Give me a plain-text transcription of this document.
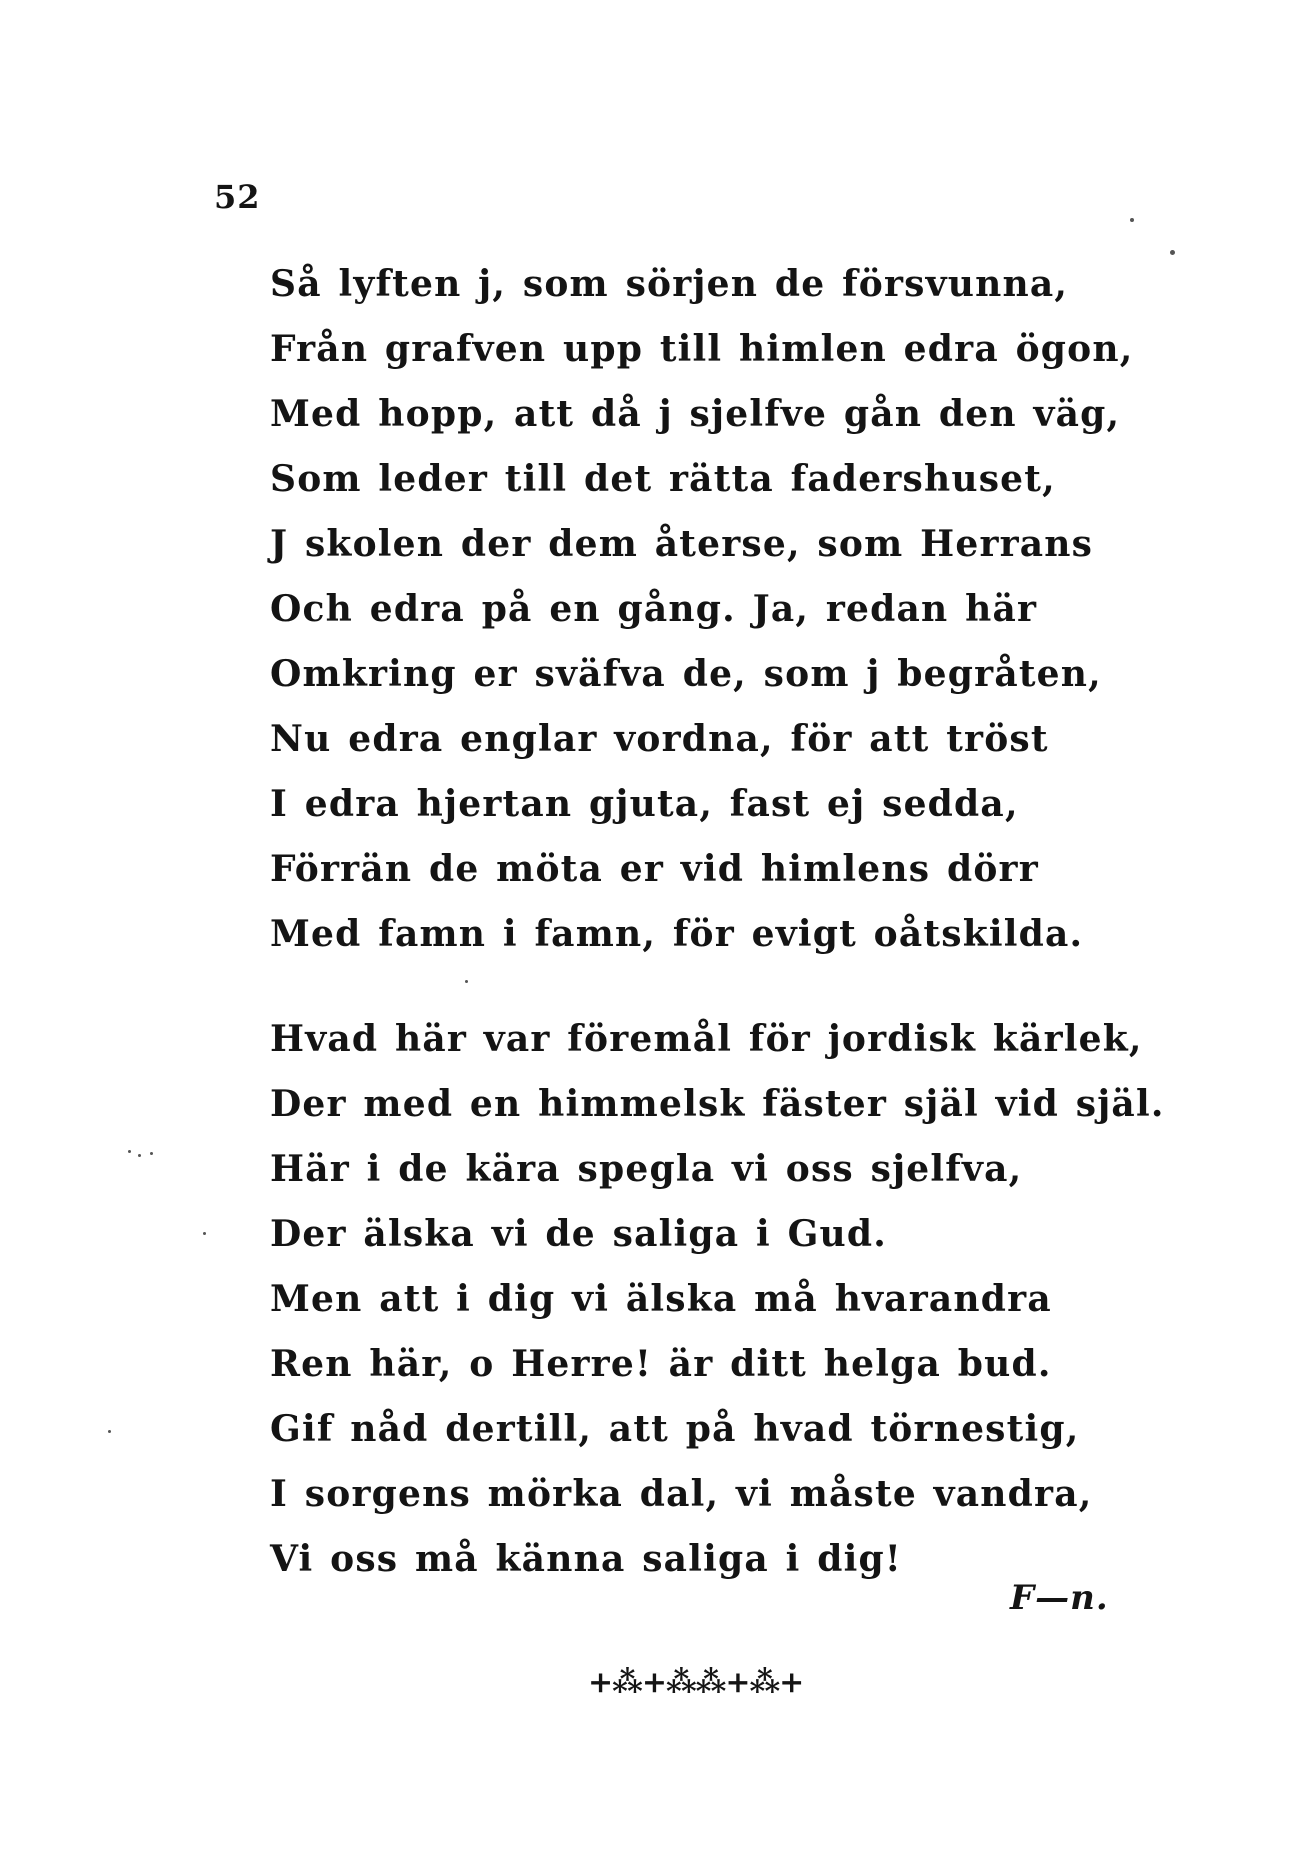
52
Så lyften j, som sörjen de försvunna,
Från grafven upp till himlen edra ögon,
Med hopp, att då j sjelfve gån den väg,
Som leder till det rätta fadershuset,
J skolen der dem återse, som Herrans
Och edra på en gång. Ja, redan här
Omkring er sväfva de, som j begråten,
Nu edra englar vordna, för att tröst
I edra hjertan gjuta, fast ej sedda,
Förrän de möta er vid himlens dörr
Med famn i famn, för evigt oåtskilda.
Hvad här var föremål för jordisk kärlek,
Der med en himmelsk fäster själ vid själ.
Här i de kära spegla vi oss sjelfva,
Der älska vi de saliga i Gud.
Men att i dig vi älska må hvarandra
Ren här, o Herre! är ditt helga bud.
Gif nåd dertill, att på hvad törnestig,
I sorgens mörka dal, vi måste vandra,
Vi oss må känna saliga i dig!
F—n.
+⁂+⁂⁂+⁂+
